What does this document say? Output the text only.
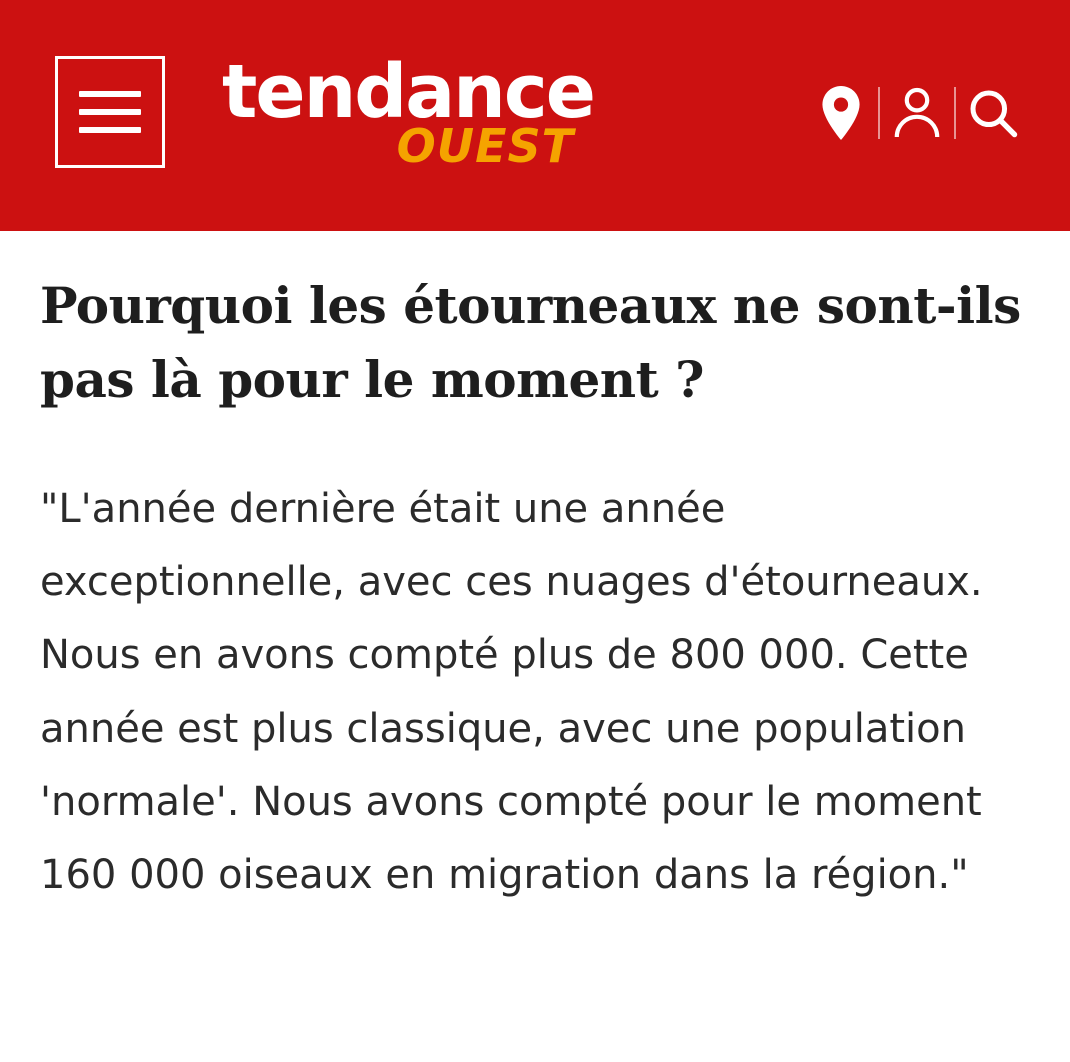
tendance
OUEST
Pourquoi les étourneaux ne sont-ils pas là pour le moment ?

"L'année dernière était une année exceptionnelle, avec ces nuages d'étourneaux. Nous en avons compté plus de 800 000. Cette année est plus classique, avec une population 'normale'. Nous avons compté pour le moment 160 000 oiseaux en migration dans la région."
